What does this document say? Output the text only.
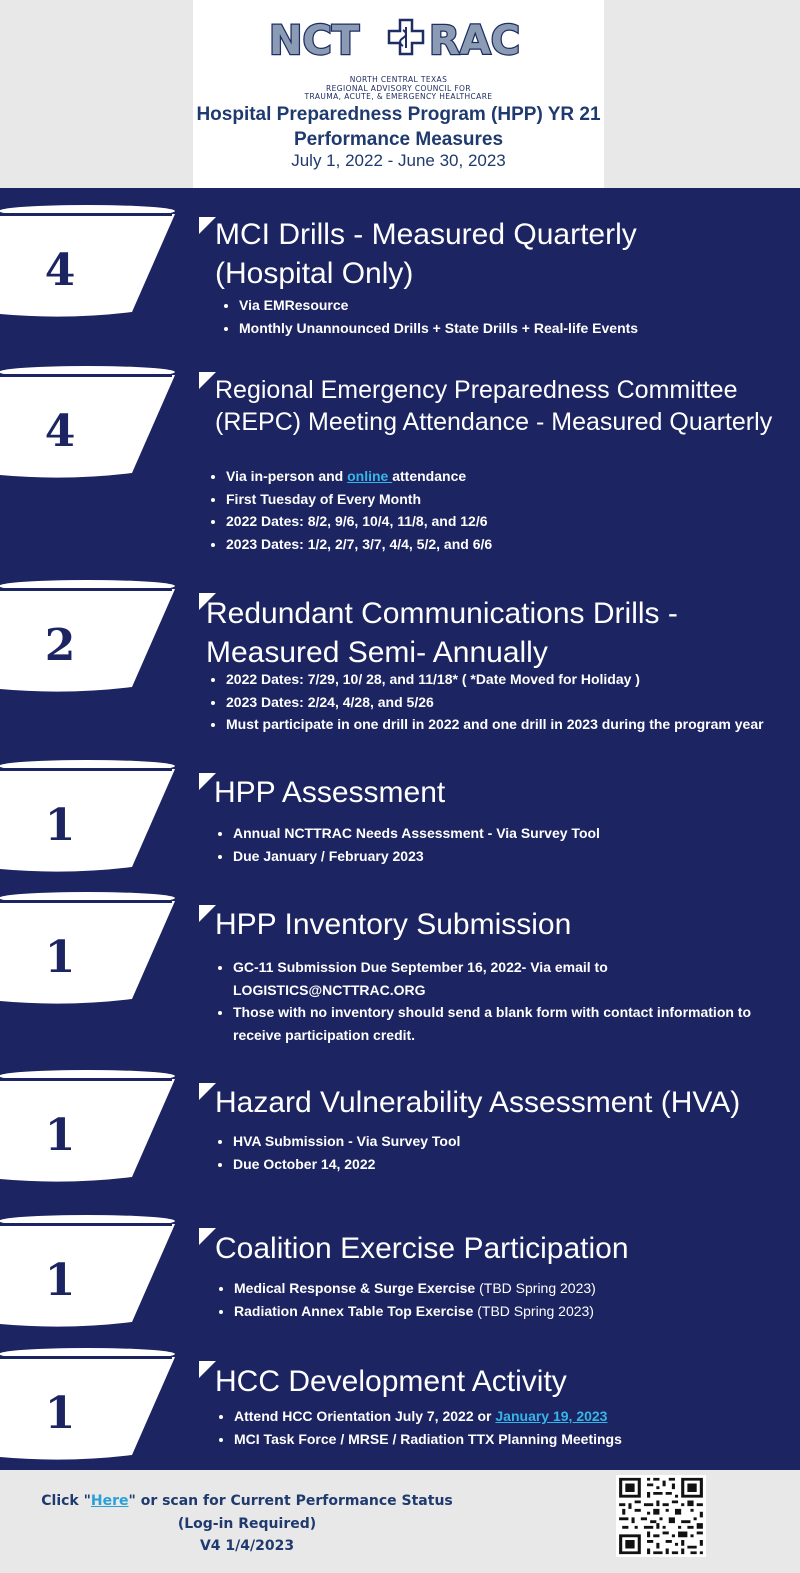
NCT RAC
NORTH CENTRAL TEXAS
REGIONAL ADVISORY COUNCIL FOR
TRAUMA, ACUTE, & EMERGENCY HEALTHCARE
Hospital Preparedness Program (HPP) YR 21
Performance Measures
July 1, 2022 - June 30, 2023
4
MCI Drills - Measured Quarterly
(Hospital Only)
• Via EMResource
• Monthly Unannounced Drills + State Drills + Real-life Events
4
Regional Emergency Preparedness Committee
(REPC) Meeting Attendance - Measured Quarterly
• Via in-person and online attendance
• First Tuesday of Every Month
• 2022 Dates: 8/2, 9/6, 10/4, 11/8, and 12/6
• 2023 Dates: 1/2, 2/7, 3/7, 4/4, 5/2, and 6/6
2
Redundant Communications Drills -
Measured Semi- Annually
• 2022 Dates: 7/29, 10/ 28, and 11/18* ( *Date Moved for Holiday )
• 2023 Dates: 2/24, 4/28, and 5/26
• Must participate in one drill in 2022 and one drill in 2023 during the program year
1
HPP Assessment
• Annual NCTTRAC Needs Assessment - Via Survey Tool
• Due January / February 2023
1
HPP Inventory Submission
• GC-11 Submission Due September 16, 2022- Via email to LOGISTICS@NCTTRAC.ORG
• Those with no inventory should send a blank form with contact information to receive participation credit.
1
Hazard Vulnerability Assessment (HVA)
• HVA Submission - Via Survey Tool
• Due October 14, 2022
1
Coalition Exercise Participation
• Medical Response & Surge Exercise (TBD Spring 2023)
• Radiation Annex Table Top Exercise (TBD Spring 2023)
1
HCC Development Activity
• Attend HCC Orientation July 7, 2022 or January 19, 2023
• MCI Task Force / MRSE / Radiation TTX Planning Meetings
Click "Here" or scan for Current Performance Status
(Log-in Required)
V4 1/4/2023
